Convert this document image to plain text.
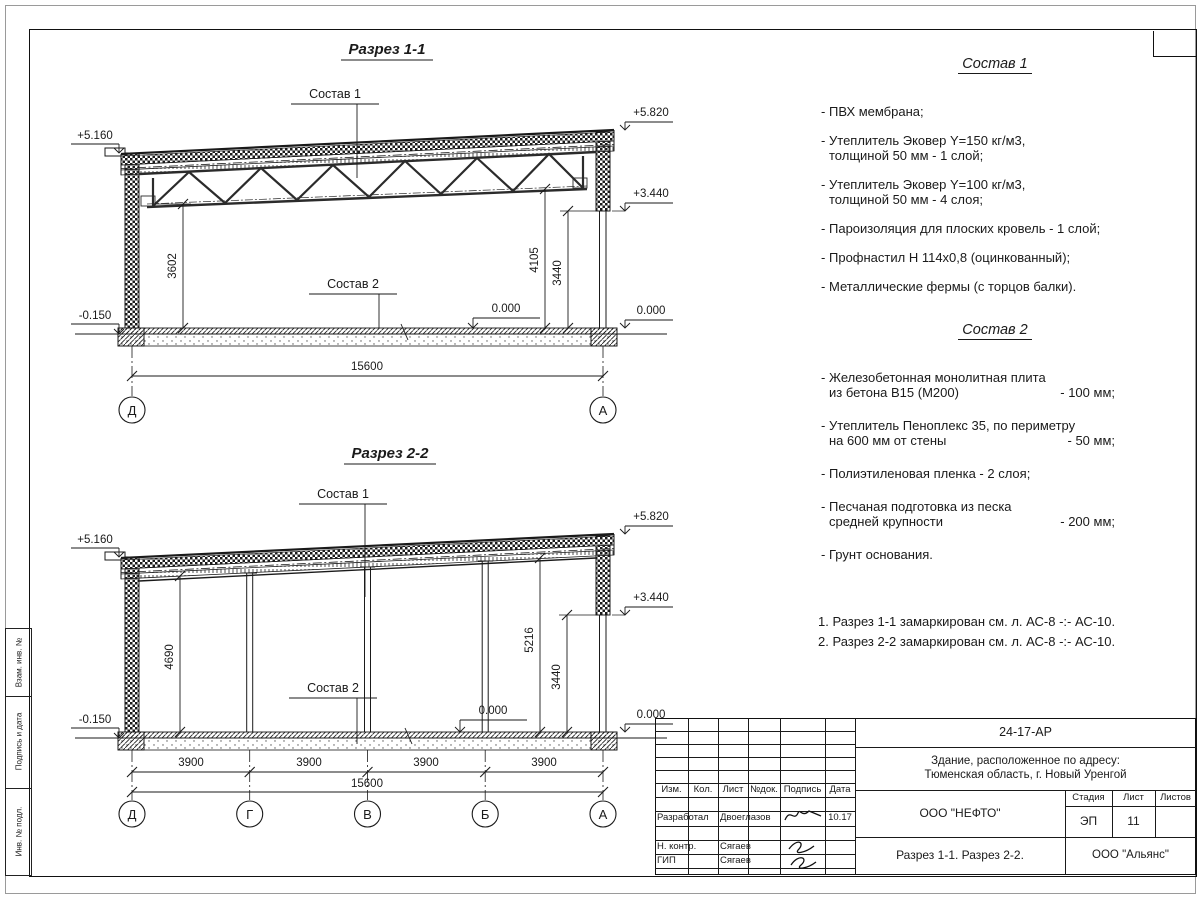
Взам. инв. №
Подпись и дата
Инв. № подл.
Разрез 1-1
Состав 1
Состав 2
3602	4105
3440
+5.160
-0.150
+5.820
+3.440
0.000
0.000
15600
Д	А
Разрез 2-2
Состав 1
Состав 2
4690
5216
3440
+5.160
-0.150
+5.820
+3.440
0.000
0.000
3900	3900	3900	3900
15600
Д	Г	В	Б	А
Состав 1
- ПВХ мембрана;
- Утеплитель Эковер Y=150 кг/м3,
толщиной 50 мм - 1 слой;
- Утеплитель Эковер Y=100 кг/м3,
толщиной 50 мм - 4 слоя;
- Пароизоляция для плоских кровель - 1 слой;
- Профнастил Н 114х0,8 (оцинкованный);
- Металлические фермы (с торцов балки).
Состав 2
- Железобетонная монолитная плита
из бетона В15 (М200)	- 100 мм;
- Утеплитель Пеноплекс 35, по периметру
на 600 мм от стены	- 50 мм;
- Полиэтиленовая пленка - 2 слоя;
- Песчаная подготовка из песка
средней крупности	- 200 мм;
- Грунт основания.
1. Разрез 1-1 замаркирован см. л. АС-8 -:- АС-10.
2. Разрез 2-2 замаркирован см. л. АС-8 -:- АС-10.
Изм. Кол. Лист №док. Подпись Дата
Разработал Двоеглазов	10.17
Н. контр.	Сягаев
ГИП	Сягаев
24-17-АР
Здание, расположенное по адресу:
Тюменская область, г. Новый Уренгой
ООО "НЕФТО"
Стадия Лист Листов
ЭП	11
Разрез 1-1. Разрез 2-2.	ООО "Альянс"
